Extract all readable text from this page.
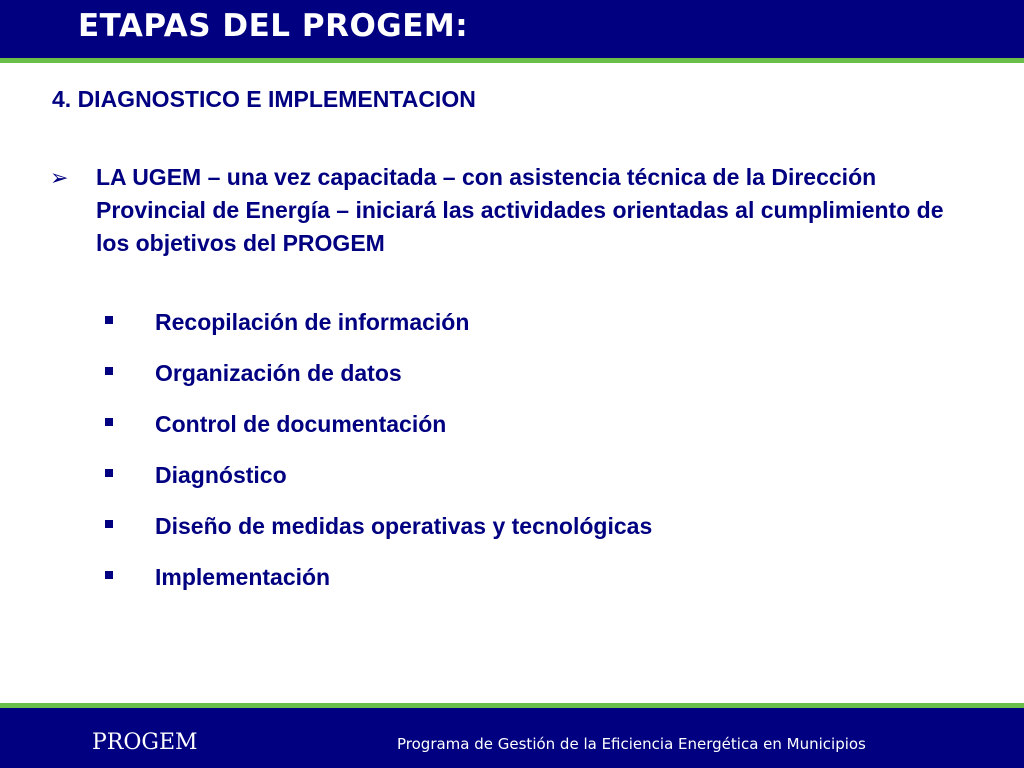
ETAPAS DEL PROGEM:
4. DIAGNOSTICO E IMPLEMENTACION
➢ LA UGEM – una vez capacitada – con asistencia técnica de la Dirección Provincial de Energía – iniciará las actividades orientadas al cumplimiento de los objetivos del PROGEM
Recopilación de información
Organización de datos
Control de documentación
Diagnóstico
Diseño de medidas operativas y tecnológicas
Implementación
PROGEM	Programa de Gestión de la Eficiencia Energética en Municipios
